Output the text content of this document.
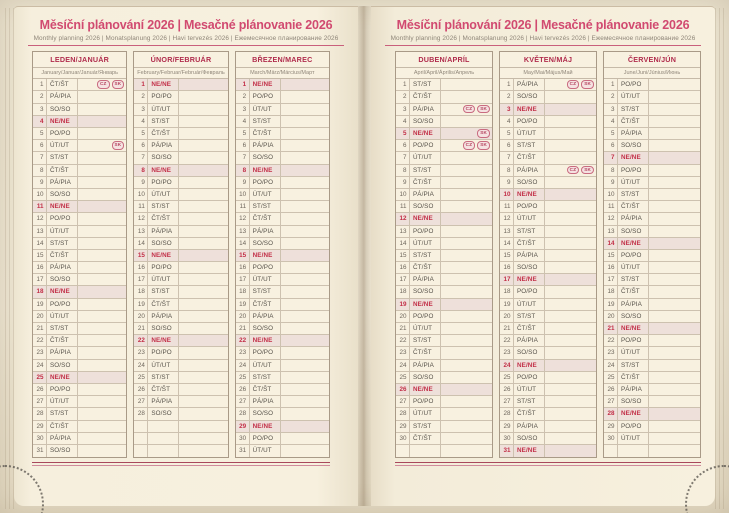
Měsíční plánování 2026 | Mesačné plánovanie 2026
Monthly planning 2026 | Monatsplanung 2026 | Havi tervezés 2026 | Ежемесячное планирование 2026
LEDEN/JANUÁR
January/Januar/Január/Январь
1	ČT/ŠT	CZ SK
2	PÁ/PIA
3	SO/SO
4	NE/NE
5	PO/PO
6	ÚT/UT	SK
7	ST/ST
8	ČT/ŠT
9	PÁ/PIA
10	SO/SO
11	NE/NE
12	PO/PO
13	ÚT/UT
14	ST/ST
15	ČT/ŠT
16	PÁ/PIA
17	SO/SO
18	NE/NE
19	PO/PO
20	ÚT/UT
21	ST/ST
22	ČT/ŠT
23	PÁ/PIA
24	SO/SO
25	NE/NE
26	PO/PO
27	ÚT/UT
28	ST/ST
29	ČT/ŠT
30	PÁ/PIA
31	SO/SO
ÚNOR/FEBRUÁR
February/Februar/Február/Февраль
1	NE/NE
2	PO/PO
3	ÚT/UT
4	ST/ST
5	ČT/ŠT
6	PÁ/PIA
7	SO/SO
8	NE/NE
9	PO/PO
10	ÚT/UT
11	ST/ST
12	ČT/ŠT
13	PÁ/PIA
14	SO/SO
15	NE/NE
16	PO/PO
17	ÚT/UT
18	ST/ST
19	ČT/ŠT
20	PÁ/PIA
21	SO/SO
22	NE/NE
23	PO/PO
24	ÚT/UT
25	ST/ST
26	ČT/ŠT
27	PÁ/PIA
28	SO/SO
BŘEZEN/MAREC
March/März/Március/Март
1	NE/NE
2	PO/PO
3	ÚT/UT
4	ST/ST
5	ČT/ŠT
6	PÁ/PIA
7	SO/SO
8	NE/NE
9	PO/PO
10	ÚT/UT
11	ST/ST
12	ČT/ŠT
13	PÁ/PIA
14	SO/SO
15	NE/NE
16	PO/PO
17	ÚT/UT
18	ST/ST
19	ČT/ŠT
20	PÁ/PIA
21	SO/SO
22	NE/NE
23	PO/PO
24	ÚT/UT
25	ST/ST
26	ČT/ŠT
27	PÁ/PIA
28	SO/SO
29	NE/NE
30	PO/PO
31	ÚT/UT
Měsíční plánování 2026 | Mesačné plánovanie 2026
Monthly planning 2026 | Monatsplanung 2026 | Havi tervezés 2026 | Ежемесячное планирование 2026
DUBEN/APRÍL
April/April/Április/Апрель
1	ST/ST
2	ČT/ŠT
3	PÁ/PIA	CZ SK
4	SO/SO
5	NE/NE	SK
6	PO/PO	CZ SK
7	ÚT/UT
8	ST/ST
9	ČT/ŠT
10	PÁ/PIA
11	SO/SO
12	NE/NE
13	PO/PO
14	ÚT/UT
15	ST/ST
16	ČT/ŠT
17	PÁ/PIA
18	SO/SO
19	NE/NE
20	PO/PO
21	ÚT/UT
22	ST/ST
23	ČT/ŠT
24	PÁ/PIA
25	SO/SO
26	NE/NE
27	PO/PO
28	ÚT/UT
29	ST/ST
30	ČT/ŠT
KVĚTEN/MÁJ
May/Mai/Május/Май
1	PÁ/PIA	CZ SK
2	SO/SO
3	NE/NE
4	PO/PO
5	ÚT/UT
6	ST/ST
7	ČT/ŠT
8	PÁ/PIA	CZ SK
9	SO/SO
10	NE/NE
11	PO/PO
12	ÚT/UT
13	ST/ST
14	ČT/ŠT
15	PÁ/PIA
16	SO/SO
17	NE/NE
18	PO/PO
19	ÚT/UT
20	ST/ST
21	ČT/ŠT
22	PÁ/PIA
23	SO/SO
24	NE/NE
25	PO/PO
26	ÚT/UT
27	ST/ST
28	ČT/ŠT
29	PÁ/PIA
30	SO/SO
31	NE/NE
ČERVEN/JÚN
June/Juni/Június/Июнь
1	PO/PO
2	ÚT/UT
3	ST/ST
4	ČT/ŠT
5	PÁ/PIA
6	SO/SO
7	NE/NE
8	PO/PO
9	ÚT/UT
10	ST/ST
11	ČT/ŠT
12	PÁ/PIA
13	SO/SO
14	NE/NE
15	PO/PO
16	ÚT/UT
17	ST/ST
18	ČT/ŠT
19	PÁ/PIA
20	SO/SO
21	NE/NE
22	PO/PO
23	ÚT/UT
24	ST/ST
25	ČT/ŠT
26	PÁ/PIA
27	SO/SO
28	NE/NE
29	PO/PO
30	ÚT/UT
